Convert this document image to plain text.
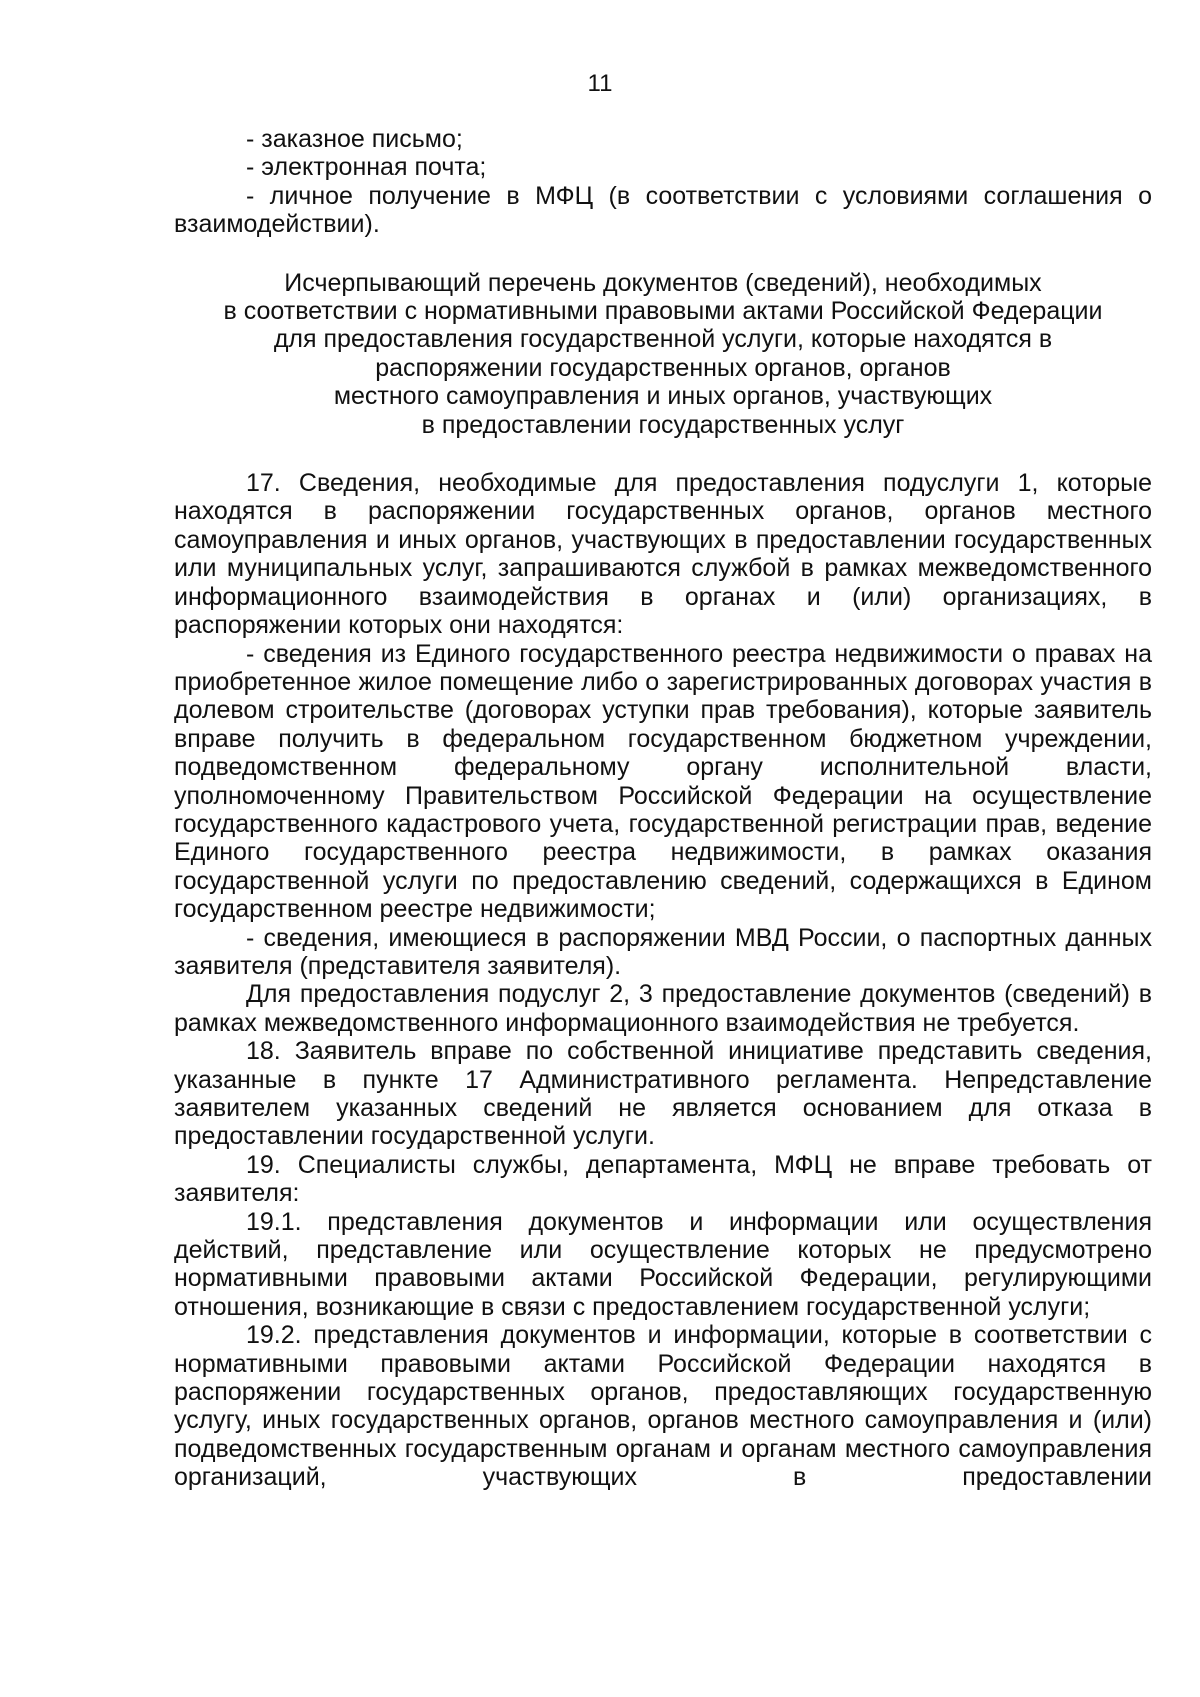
11

- заказное письмо;

- электронная почта;

- личное получение в МФЦ (в соответствии с условиями соглашения о взаимодействии).

Исчерпывающий перечень документов (сведений), необходимых
в соответствии с нормативными правовыми актами Российской Федерации
для предоставления государственной услуги, которые находятся в
распоряжении государственных органов, органов
местного самоуправления и иных органов, участвующих
в предоставлении государственных услуг

17. Сведения, необходимые для предоставления подуслуги 1, которые находятся в распоряжении государственных органов, органов местного самоуправления и иных органов, участвующих в предоставлении государственных или муниципальных услуг, запрашиваются службой в рамках межведомственного информационного взаимодействия в органах и (или) организациях, в распоряжении которых они находятся:

- сведения из Единого государственного реестра недвижимости о правах на приобретенное жилое помещение либо о зарегистрированных договорах участия в долевом строительстве (договорах уступки прав требования), которые заявитель вправе получить в федеральном государственном бюджетном учреждении, подведомственном федеральному органу исполнительной власти, уполномоченному Правительством Российской Федерации на осуществление государственного кадастрового учета, государственной регистрации прав, ведение Единого государственного реестра недвижимости, в рамках оказания государственной услуги по предоставлению сведений, содержащихся в Едином государственном реестре недвижимости;

- сведения, имеющиеся в распоряжении МВД России, о паспортных данных заявителя (представителя заявителя).

Для предоставления подуслуг 2, 3 предоставление документов (сведений) в рамках межведомственного информационного взаимодействия не требуется.

18. Заявитель вправе по собственной инициативе представить сведения, указанные в пункте 17 Административного регламента. Непредставление заявителем указанных сведений не является основанием для отказа в предоставлении государственной услуги.

19. Специалисты службы, департамента, МФЦ не вправе требовать от заявителя:

19.1. представления документов и информации или осуществления действий, представление или осуществление которых не предусмотрено нормативными правовыми актами Российской Федерации, регулирующими отношения, возникающие в связи с предоставлением государственной услуги;

19.2. представления документов и информации, которые в соответствии с нормативными правовыми актами Российской Федерации находятся в распоряжении государственных органов, предоставляющих государственную услугу, иных государственных органов, органов местного самоуправления и (или) подведомственных государственным органам и органам местного самоуправления организаций, участвующих в предоставлении
